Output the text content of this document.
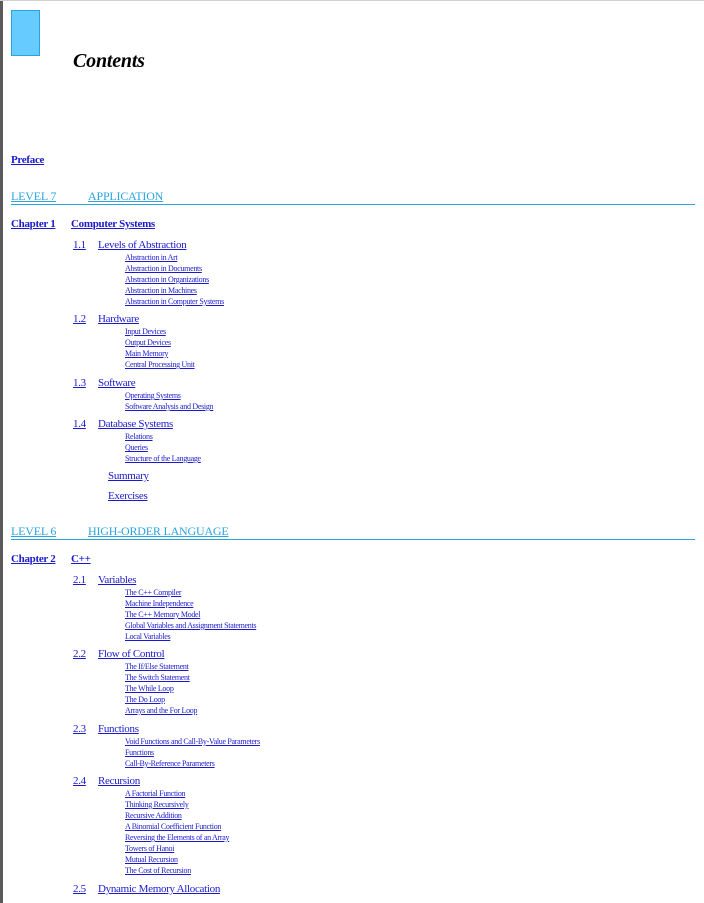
Contents
Preface
LEVEL 7	APPLICATION
Chapter 1 Computer Systems
1.1 Levels of Abstraction
Abstraction in Art
Abstraction in Documents
Abstraction in Organizations
Abstraction in Machines
Abstraction in Computer Systems
1.2 Hardware
Input Devices
Output Devices
Main Memory
Central Processing Unit
1.3 Software
Operating Systems
Software Analysis and Design
1.4 Database Systems
Relations
Queries
Structure of the Language
Summary
Exercises
LEVEL 6	HIGH-ORDER LANGUAGE
Chapter 2 C++
2.1 Variables
The C++ Compiler
Machine Independence
The C++ Memory Model
Global Variables and Assignment Statements
Local Variables
2.2 Flow of Control
The If/Else Statement
The Switch Statement
The While Loop
The Do Loop
Arrays and the For Loop
2.3 Functions
Void Functions and Call-By-Value Parameters
Functions
Call-By-Reference Parameters
2.4 Recursion
A Factorial Function
Thinking Recursively
Recursive Addition
A Binomial Coefficient Function
Reversing the Elements of an Array
Towers of Hanoi
Mutual Recursion
The Cost of Recursion
2.5 Dynamic Memory Allocation
